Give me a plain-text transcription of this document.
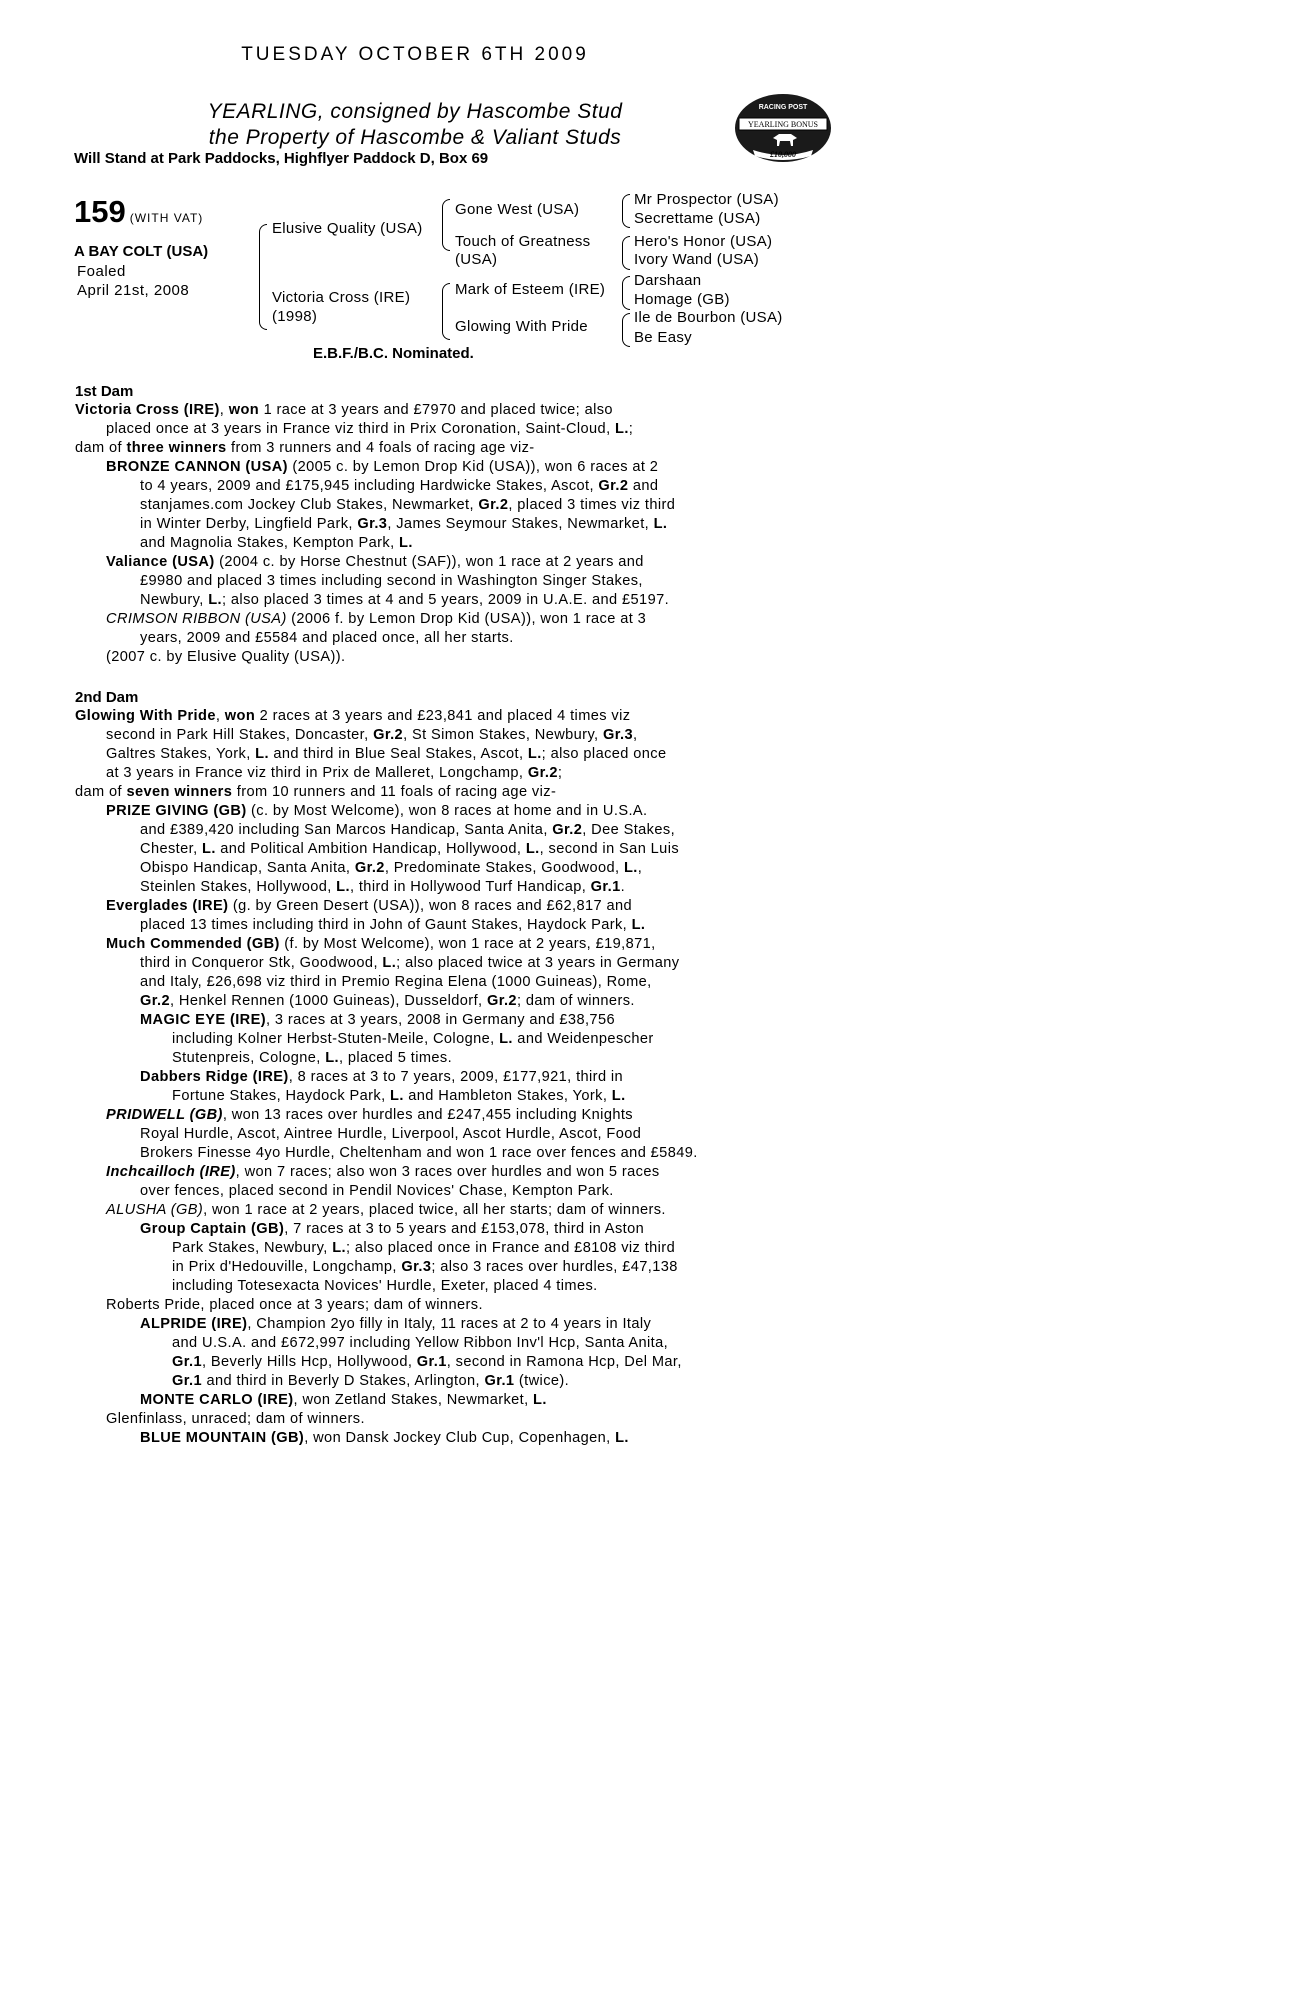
TUESDAY OCTOBER 6TH 2009
YEARLING, consigned by Hascombe Stud
the Property of Hascombe & Valiant Studs
Will Stand at Park Paddocks, Highflyer Paddock D, Box 69
RACING POST
YEARLING BONUS
£10,000
159 (WITH VAT)
A BAY COLT (USA)
Foaled
April 21st, 2008
Elusive Quality (USA)
Victoria Cross (IRE)
(1998)
Gone West (USA)
Touch of Greatness
(USA)
Mark of Esteem (IRE)
Glowing With Pride
Mr Prospector (USA)
Secrettame (USA)
Hero's Honor (USA)
Ivory Wand (USA)
Darshaan
Homage (GB)
Ile de Bourbon (USA)
Be Easy
E.B.F./B.C. Nominated.
1st Dam
Victoria Cross (IRE), won 1 race at 3 years and £7970 and placed twice; also
placed once at 3 years in France viz third in Prix Coronation, Saint-Cloud, L.;
dam of three winners from 3 runners and 4 foals of racing age viz-
BRONZE CANNON (USA) (2005 c. by Lemon Drop Kid (USA)), won 6 races at 2
to 4 years, 2009 and £175,945 including Hardwicke Stakes, Ascot, Gr.2 and
stanjames.com Jockey Club Stakes, Newmarket, Gr.2, placed 3 times viz third
in Winter Derby, Lingfield Park, Gr.3, James Seymour Stakes, Newmarket, L.
and Magnolia Stakes, Kempton Park, L.
Valiance (USA) (2004 c. by Horse Chestnut (SAF)), won 1 race at 2 years and
£9980 and placed 3 times including second in Washington Singer Stakes,
Newbury, L.; also placed 3 times at 4 and 5 years, 2009 in U.A.E. and £5197.
CRIMSON RIBBON (USA) (2006 f. by Lemon Drop Kid (USA)), won 1 race at 3
years, 2009 and £5584 and placed once, all her starts.
(2007 c. by Elusive Quality (USA)).
2nd Dam
Glowing With Pride, won 2 races at 3 years and £23,841 and placed 4 times viz
second in Park Hill Stakes, Doncaster, Gr.2, St Simon Stakes, Newbury, Gr.3,
Galtres Stakes, York, L. and third in Blue Seal Stakes, Ascot, L.; also placed once
at 3 years in France viz third in Prix de Malleret, Longchamp, Gr.2;
dam of seven winners from 10 runners and 11 foals of racing age viz-
PRIZE GIVING (GB) (c. by Most Welcome), won 8 races at home and in U.S.A.
and £389,420 including San Marcos Handicap, Santa Anita, Gr.2, Dee Stakes,
Chester, L. and Political Ambition Handicap, Hollywood, L., second in San Luis
Obispo Handicap, Santa Anita, Gr.2, Predominate Stakes, Goodwood, L.,
Steinlen Stakes, Hollywood, L., third in Hollywood Turf Handicap, Gr.1.
Everglades (IRE) (g. by Green Desert (USA)), won 8 races and £62,817 and
placed 13 times including third in John of Gaunt Stakes, Haydock Park, L.
Much Commended (GB) (f. by Most Welcome), won 1 race at 2 years, £19,871,
third in Conqueror Stk, Goodwood, L.; also placed twice at 3 years in Germany
and Italy, £26,698 viz third in Premio Regina Elena (1000 Guineas), Rome,
Gr.2, Henkel Rennen (1000 Guineas), Dusseldorf, Gr.2; dam of winners.
MAGIC EYE (IRE), 3 races at 3 years, 2008 in Germany and £38,756
including Kolner Herbst-Stuten-Meile, Cologne, L. and Weidenpescher
Stutenpreis, Cologne, L., placed 5 times.
Dabbers Ridge (IRE), 8 races at 3 to 7 years, 2009, £177,921, third in
Fortune Stakes, Haydock Park, L. and Hambleton Stakes, York, L.
PRIDWELL (GB), won 13 races over hurdles and £247,455 including Knights
Royal Hurdle, Ascot, Aintree Hurdle, Liverpool, Ascot Hurdle, Ascot, Food
Brokers Finesse 4yo Hurdle, Cheltenham and won 1 race over fences and £5849.
Inchcailloch (IRE), won 7 races; also won 3 races over hurdles and won 5 races
over fences, placed second in Pendil Novices' Chase, Kempton Park.
ALUSHA (GB), won 1 race at 2 years, placed twice, all her starts; dam of winners.
Group Captain (GB), 7 races at 3 to 5 years and £153,078, third in Aston
Park Stakes, Newbury, L.; also placed once in France and £8108 viz third
in Prix d'Hedouville, Longchamp, Gr.3; also 3 races over hurdles, £47,138
including Totesexacta Novices' Hurdle, Exeter, placed 4 times.
Roberts Pride, placed once at 3 years; dam of winners.
ALPRIDE (IRE), Champion 2yo filly in Italy, 11 races at 2 to 4 years in Italy
and U.S.A. and £672,997 including Yellow Ribbon Inv'l Hcp, Santa Anita,
Gr.1, Beverly Hills Hcp, Hollywood, Gr.1, second in Ramona Hcp, Del Mar,
Gr.1 and third in Beverly D Stakes, Arlington, Gr.1 (twice).
MONTE CARLO (IRE), won Zetland Stakes, Newmarket, L.
Glenfinlass, unraced; dam of winners.
BLUE MOUNTAIN (GB), won Dansk Jockey Club Cup, Copenhagen, L.
